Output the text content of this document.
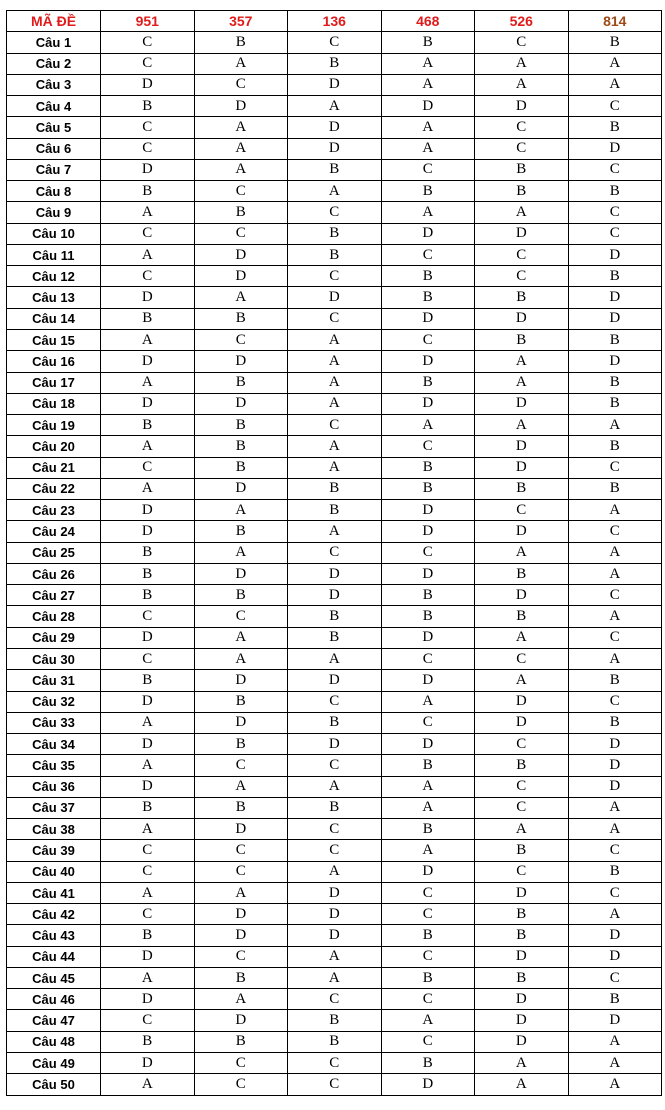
MÃ ĐỀ	951	357	136	468	526	814
Câu 1	C	B	C	B	C	B
Câu 2	C	A	B	A	A	A
Câu 3	D	C	D	A	A	A
Câu 4	B	D	A	D	D	C
Câu 5	C	A	D	A	C	B
Câu 6	C	A	D	A	C	D
Câu 7	D	A	B	C	B	C
Câu 8	B	C	A	B	B	B
Câu 9	A	B	C	A	A	C
Câu 10	C	C	B	D	D	C
Câu 11	A	D	B	C	C	D
Câu 12	C	D	C	B	C	B
Câu 13	D	A	D	B	B	D
Câu 14	B	B	C	D	D	D
Câu 15	A	C	A	C	B	B
Câu 16	D	D	A	D	A	D
Câu 17	A	B	A	B	A	B
Câu 18	D	D	A	D	D	B
Câu 19	B	B	C	A	A	A
Câu 20	A	B	A	C	D	B
Câu 21	C	B	A	B	D	C
Câu 22	A	D	B	B	B	B
Câu 23	D	A	B	D	C	A
Câu 24	D	B	A	D	D	C
Câu 25	B	A	C	C	A	A
Câu 26	B	D	D	D	B	A
Câu 27	B	B	D	B	D	C
Câu 28	C	C	B	B	B	A
Câu 29	D	A	B	D	A	C
Câu 30	C	A	A	C	C	A
Câu 31	B	D	D	D	A	B
Câu 32	D	B	C	A	D	C
Câu 33	A	D	B	C	D	B
Câu 34	D	B	D	D	C	D
Câu 35	A	C	C	B	B	D
Câu 36	D	A	A	A	C	D
Câu 37	B	B	B	A	C	A
Câu 38	A	D	C	B	A	A
Câu 39	C	C	C	A	B	C
Câu 40	C	C	A	D	C	B
Câu 41	A	A	D	C	D	C
Câu 42	C	D	D	C	B	A
Câu 43	B	D	D	B	B	D
Câu 44	D	C	A	C	D	D
Câu 45	A	B	A	B	B	C
Câu 46	D	A	C	C	D	B
Câu 47	C	D	B	A	D	D
Câu 48	B	B	B	C	D	A
Câu 49	D	C	C	B	A	A
Câu 50	A	C	C	D	A	A
